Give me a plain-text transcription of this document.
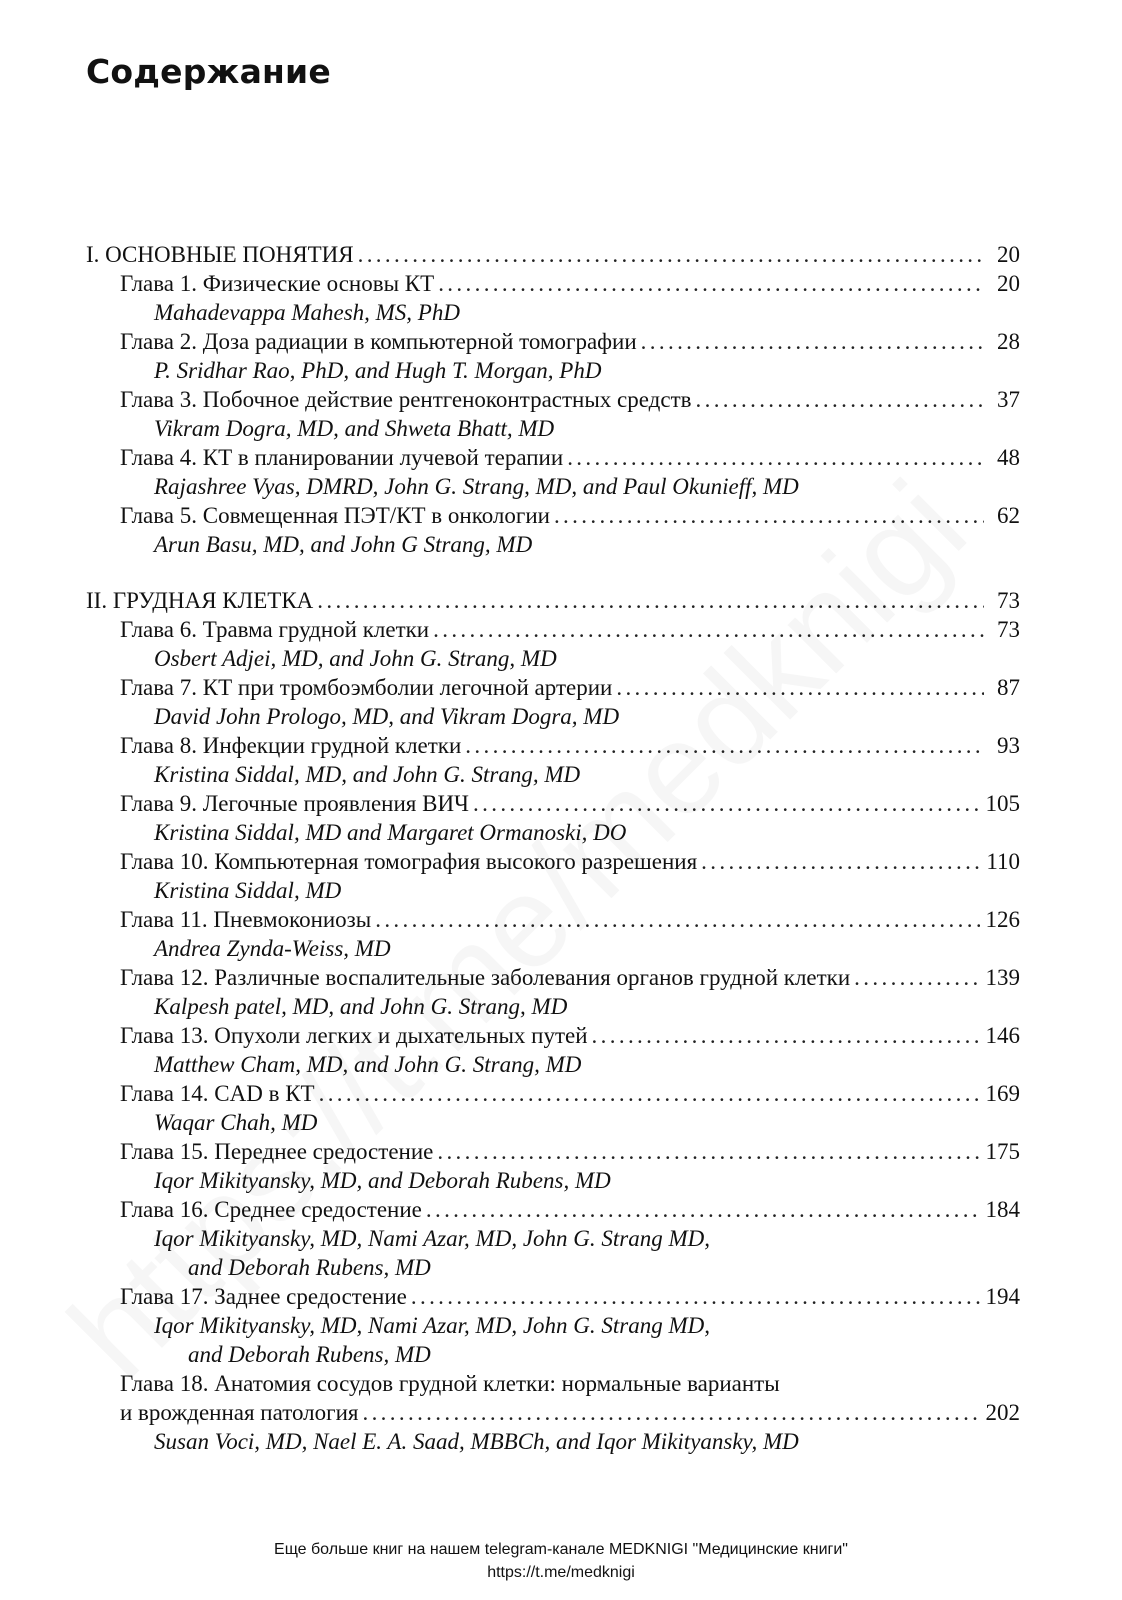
Содержание
I. ОСНОВНЫЕ ПОНЯТИЯ . . .	20
Глава 1. Физические основы КТ . . .	20
Mahadevappa Mahesh, MS, PhD
Глава 2. Доза радиации в компьютерной томографии . . .	28
P. Sridhar Rao, PhD, and Hugh T. Morgan, PhD
Глава 3. Побочное действие рентгеноконтрастных средств . . .	37
Vikram Dogra, MD, and Shweta Bhatt, MD
Глава 4. КТ в планировании лучевой терапии . . .	48
Rajashree Vyas, DMRD, John G. Strang, MD, and Paul Okunieff, MD
Глава 5. Совмещенная ПЭТ/КТ в онкологии . . .	62
Arun Basu, MD, and John G Strang, MD
II. ГРУДНАЯ КЛЕТКА . . .	73
Глава 6. Травма грудной клетки . . .	73
Osbert Adjei, MD, and John G. Strang, MD
Глава 7. КТ при тромбоэмболии легочной артерии . . .	87
David John Prologo, MD, and Vikram Dogra, MD
Глава 8. Инфекции грудной клетки . . .	93
Kristina Siddal, MD, and John G. Strang, MD
Глава 9. Легочные проявления ВИЧ . . .	105
Kristina Siddal, MD and Margaret Ormanoski, DO
Глава 10. Компьютерная томография высокого разрешения . . .	110
Kristina Siddal, MD
Глава 11. Пневмокониозы . . .	126
Andrea Zynda-Weiss, MD
Глава 12. Различные воспалительные заболевания органов грудной клетки . . .	139
Kalpesh patel, MD, and John G. Strang, MD
Глава 13. Опухоли легких и дыхательных путей . . .	146
Matthew Cham, MD, and John G. Strang, MD
Глава 14. CAD в КТ . . .	169
Waqar Chah, MD
Глава 15. Переднее средостение . . .	175
Iqor Mikityansky, MD, and Deborah Rubens, MD
Глава 16. Среднее средостение . . .	184
Iqor Mikityansky, MD, Nami Azar, MD, John G. Strang MD,
and Deborah Rubens, MD
Глава 17. Заднее средостение . . .	194
Iqor Mikityansky, MD, Nami Azar, MD, John G. Strang MD,
and Deborah Rubens, MD
Глава 18. Анатомия сосудов грудной клетки: нормальные варианты
и врожденная патология . . .	202
Susan Voci, MD, Nael E. A. Saad, MBBCh, and Iqor Mikityansky, MD
Еще больше книг на нашем telegram-канале MEDKNIGI "Медицинские книги"
https://t.me/medknigi
